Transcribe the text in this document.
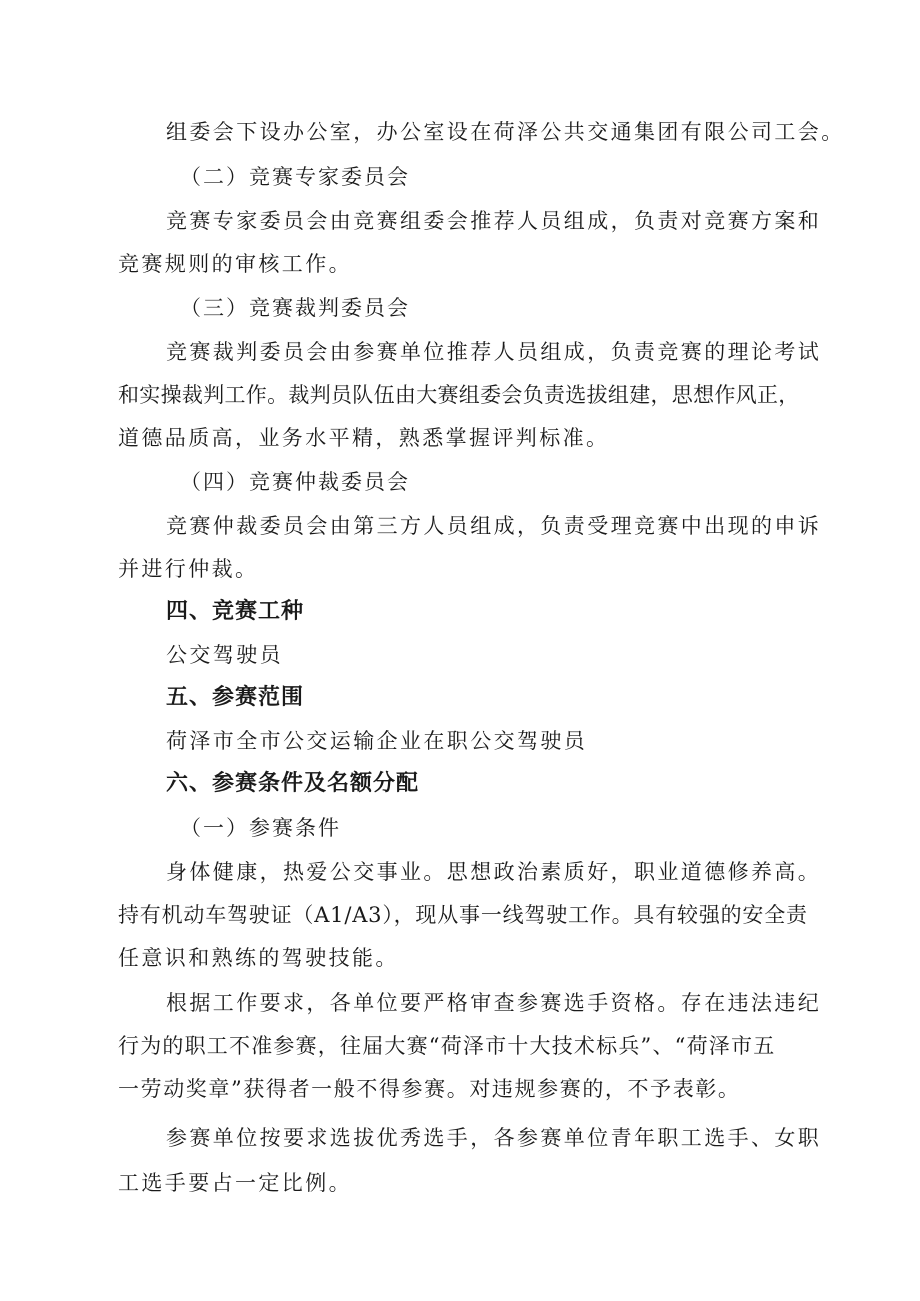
组委会下设办公室，办公室设在荷泽公共交通集团有限公司工会。

（二）竞赛专家委员会

竞赛专家委员会由竞赛组委会推荐人员组成，负责对竞赛方案和

竞赛规则的审核工作。

（三）竞赛裁判委员会

竞赛裁判委员会由参赛单位推荐人员组成，负责竞赛的理论考试

和实操裁判工作。裁判员队伍由大赛组委会负责选拔组建，思想作风正，

道德品质高，业务水平精，熟悉掌握评判标准。

（四）竞赛仲裁委员会

竞赛仲裁委员会由第三方人员组成，负责受理竞赛中出现的申诉

并进行仲裁。

四、竞赛工种

公交驾驶员

五、参赛范围

荷泽市全市公交运输企业在职公交驾驶员

六、参赛条件及名额分配

（一）参赛条件

身体健康，热爱公交事业。思想政治素质好，职业道德修养高。

持有机动车驾驶证（A1/A3），现从事一线驾驶工作。具有较强的安全责

任意识和熟练的驾驶技能。

根据工作要求，各单位要严格审查参赛选手资格。存在违法违纪

行为的职工不准参赛，往届大赛“荷泽市十大技术标兵”、“荷泽市五

一劳动奖章”获得者一般不得参赛。对违规参赛的，不予表彰。

参赛单位按要求选拔优秀选手，各参赛单位青年职工选手、女职

工选手要占一定比例。
